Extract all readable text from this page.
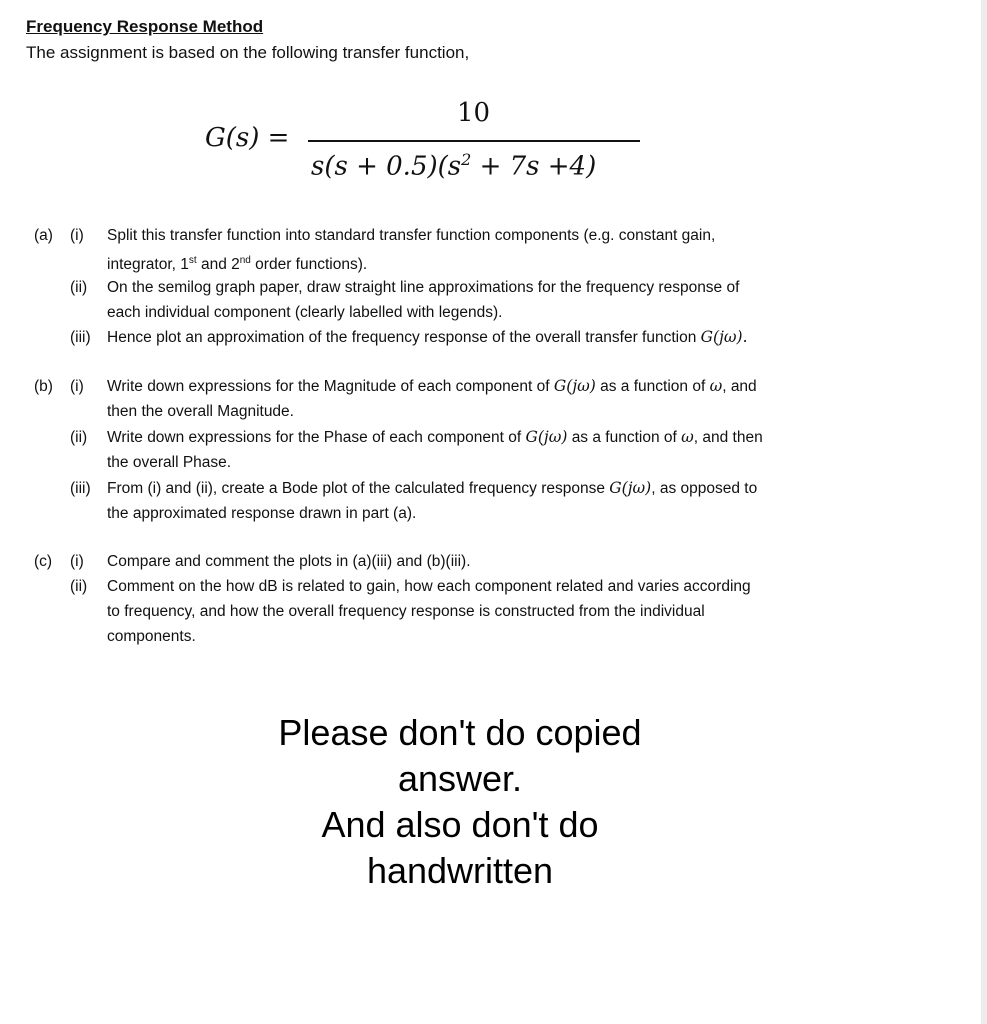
Frequency Response Method
The assignment is based on the following transfer function,
G(s) =
10
$s(s + 0.5)(s^2 + 7s +4)$
(a) (i) Split this transfer function into standard transfer function components (e.g. constant gain,
integrator, 1st and 2nd order functions).
(ii) On the semilog graph paper, draw straight line approximations for the frequency response of
each individual component (clearly labelled with legends).
(iii) Hence plot an approximation of the frequency response of the overall transfer function G(jω).
(b) (i) Write down expressions for the Magnitude of each component of G(jω) as a function of ω, and
then the overall Magnitude.
(ii) Write down expressions for the Phase of each component of G(jω) as a function of ω, and then
the overall Phase.
(iii) From (i) and (ii), create a Bode plot of the calculated frequency response G(jω), as opposed to
the approximated response drawn in part (a).
(c) (i) Compare and comment the plots in (a)(iii) and (b)(iii).
(ii) Comment on the how dB is related to gain, how each component related and varies according
to frequency, and how the overall frequency response is constructed from the individual
components.
Please don't do copied
answer.
And also don't do
handwritten
